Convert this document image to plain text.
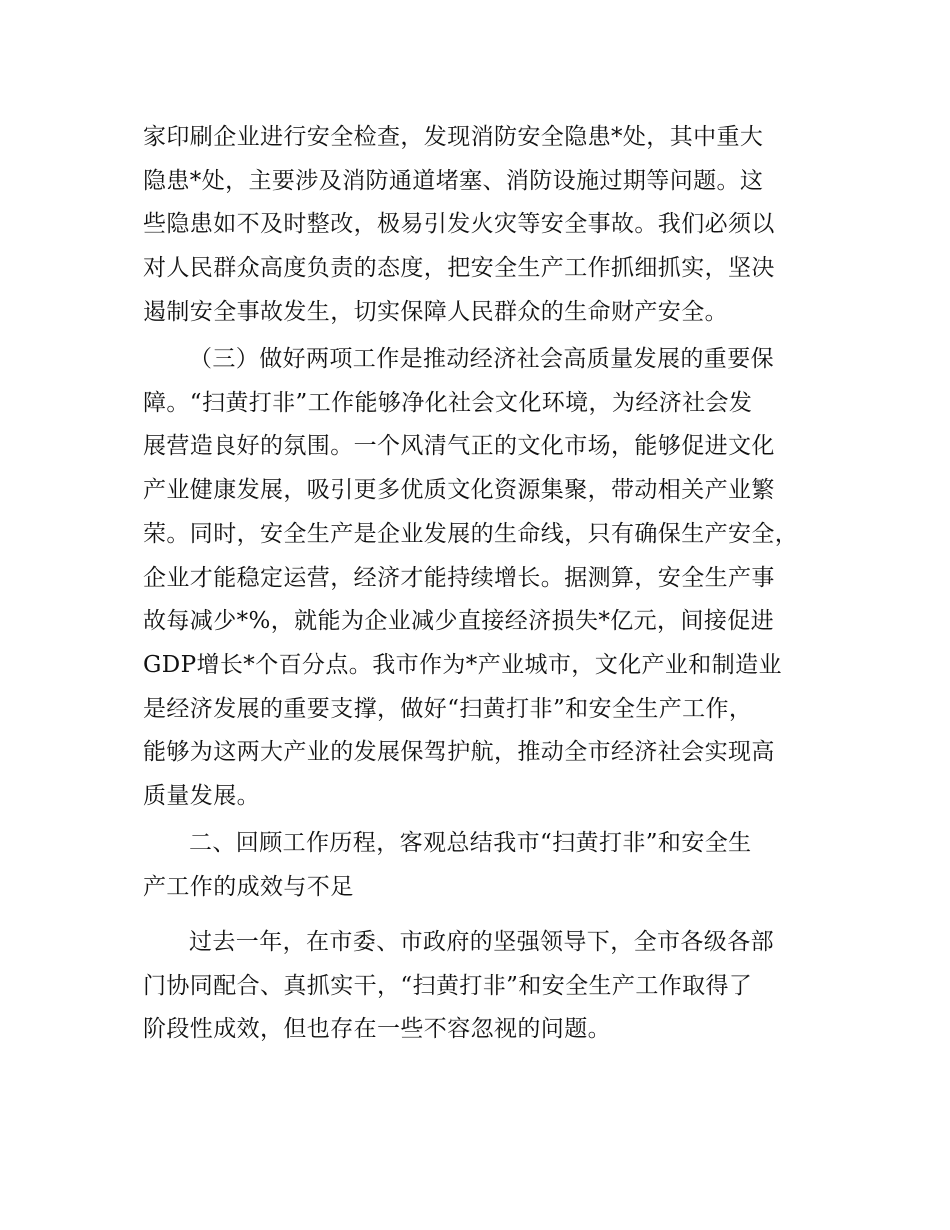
家印刷企业进行安全检查，发现消防安全隐患*处，其中重大
隐患*处，主要涉及消防通道堵塞、消防设施过期等问题。这
些隐患如不及时整改，极易引发火灾等安全事故。我们必须以
对人民群众高度负责的态度，把安全生产工作抓细抓实，坚决
遏制安全事故发生，切实保障人民群众的生命财产安全。

（三）做好两项工作是推动经济社会高质量发展的重要保
障。“扫黄打非”工作能够净化社会文化环境，为经济社会发
展营造良好的氛围。一个风清气正的文化市场，能够促进文化
产业健康发展，吸引更多优质文化资源集聚，带动相关产业繁
荣。同时，安全生产是企业发展的生命线，只有确保生产安全，
企业才能稳定运营，经济才能持续增长。据测算，安全生产事
故每减少*%，就能为企业减少直接经济损失*亿元，间接促进
GDP增长*个百分点。我市作为*产业城市，文化产业和制造业
是经济发展的重要支撑，做好“扫黄打非”和安全生产工作，
能够为这两大产业的发展保驾护航，推动全市经济社会实现高
质量发展。

二、回顾工作历程，客观总结我市“扫黄打非”和安全生
产工作的成效与不足

过去一年，在市委、市政府的坚强领导下，全市各级各部
门协同配合、真抓实干，“扫黄打非”和安全生产工作取得了
阶段性成效，但也存在一些不容忽视的问题。
